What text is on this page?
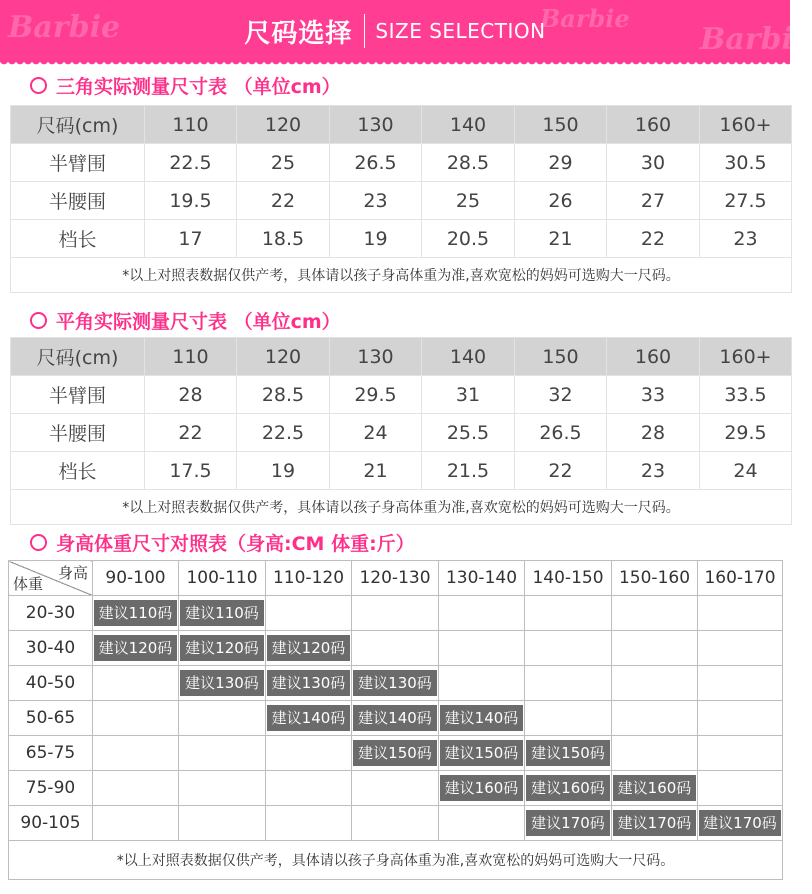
Barbie	Barbie
Barbie
尺码选择 SIZE SELECTION
三角实际测量尺寸表 （单位cm）
尺码(cm)	110	120	130	140	150	160	160+
半臂围	22.5	25	26.5	28.5	29	30	30.5
半腰围	19.5	22	23	25	26	27	27.5
档长	17	18.5	19	20.5	21	22	23
*以上对照表数据仅供产考，具体请以孩子身高体重为准,喜欢宽松的妈妈可选购大一尺码。							
平角实际测量尺寸表 （单位cm）
尺码(cm)	110	120	130	140	150	160	160+
半臂围	28	28.5	29.5	31	32	33	33.5
半腰围	22	22.5	24	25.5	26.5	28	29.5
档长	17.5	19	21	21.5	22	23	24
*以上对照表数据仅供产考，具体请以孩子身高体重为准,喜欢宽松的妈妈可选购大一尺码。							
身高体重尺寸对照表（身高:CM 体重:斤）
身高
体重	90-100	100-110	110-120	120-130	130-140	140-150	150-160	160-170
20-30	建议110码	建议110码						

30-40	建议120码	建议120码	建议120码					

40-50		建议130码	建议130码	建议130码				

50-65			建议140码	建议140码	建议140码			

65-75				建议150码	建议150码	建议150码		

75-90					建议160码	建议160码	建议160码	

90-105						建议170码	建议170码	建议170码

*以上对照表数据仅供产考，具体请以孩子身高体重为准,喜欢宽松的妈妈可选购大一尺码。								
